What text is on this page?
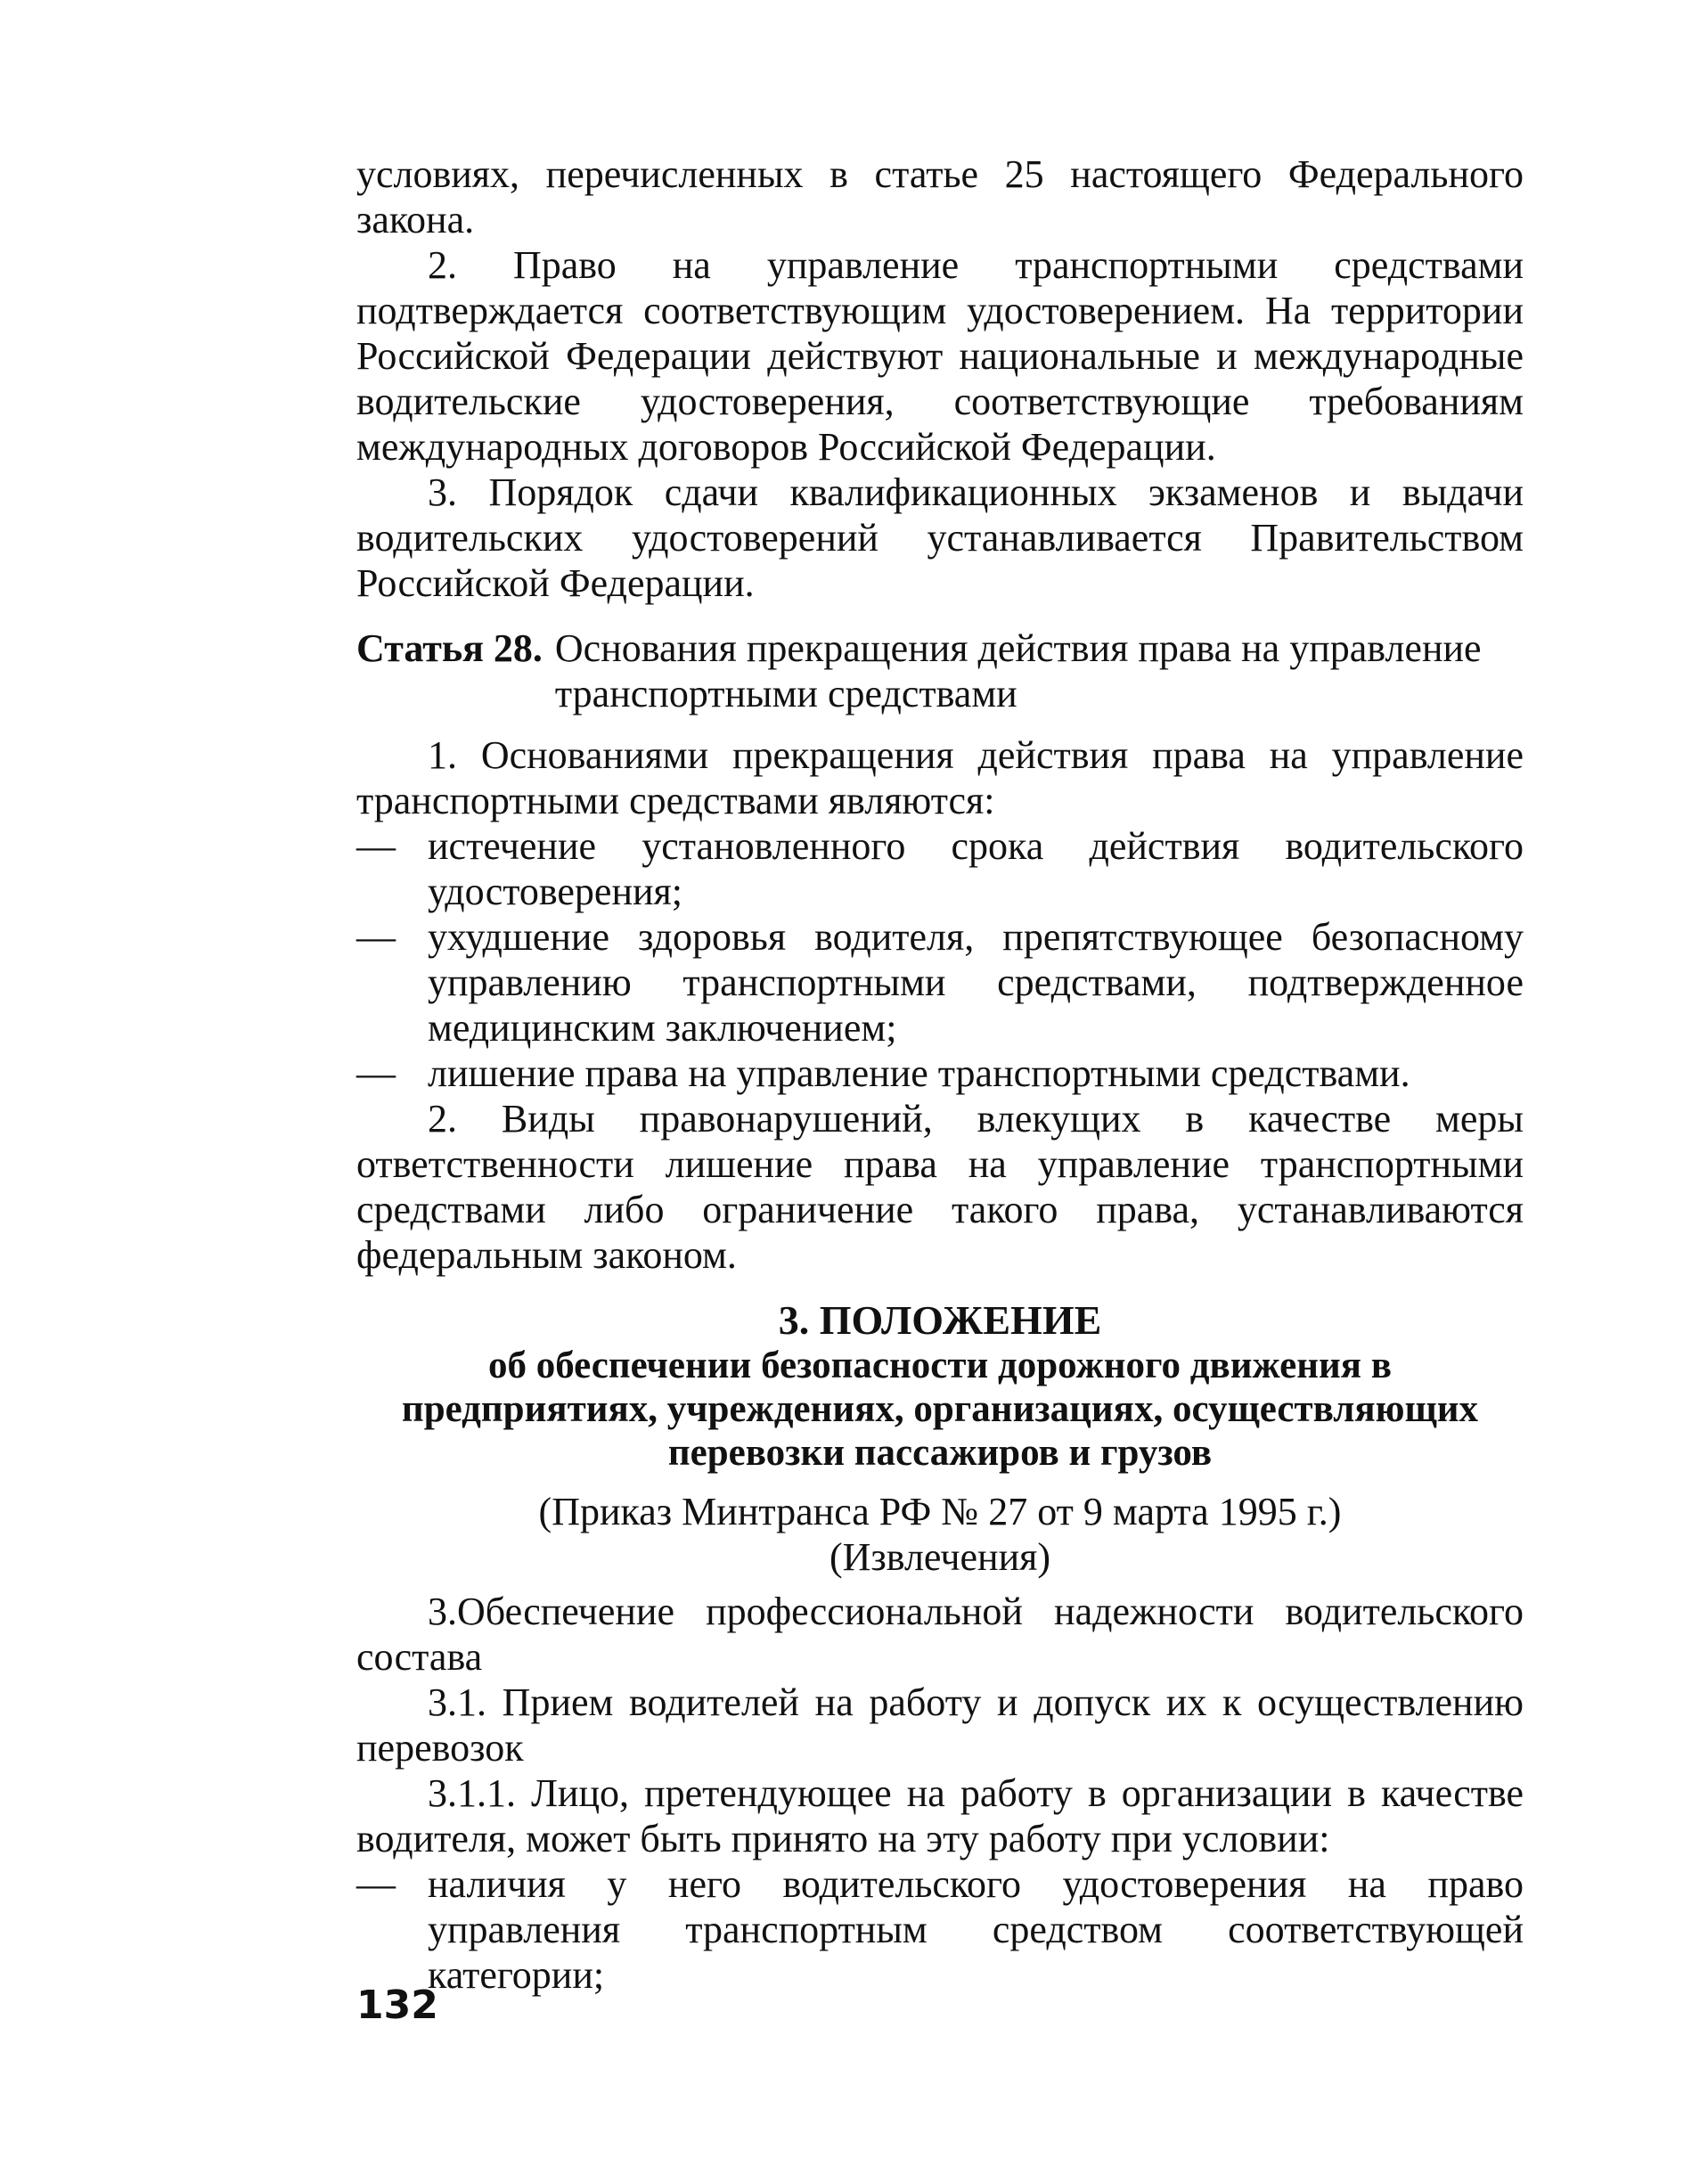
условиях, перечисленных в статье 25 настоящего Федерального закона.

2. Право на управление транспортными средствами подтверждается соответствующим удостоверением. На территории Российской Федерации действуют национальные и международные водительские удостоверения, соответствующие требованиям международных договоров Российской Федерации.

3. Порядок сдачи квалификационных экзаменов и выдачи водительских удостоверений устанавливается Правительством Российской Федерации.

Статья 28. Основания прекращения действия права на управление транспортными средствами

1. Основаниями прекращения действия права на управление транспортными средствами являются:

— истечение установленного срока действия водительского удостоверения;
— ухудшение здоровья водителя, препятствующее безопасному управлению транспортными средствами, подтвержденное медицинским заключением;
— лишение права на управление транспортными средствами.

2. Виды правонарушений, влекущих в качестве меры ответственности лишение права на управление транспортными средствами либо ограничение такого права, устанавливаются федеральным законом.

3. ПОЛОЖЕНИЕ
об обеспечении безопасности дорожного движения в предприятиях, учреждениях, организациях, осуществляющих перевозки пассажиров и грузов
(Приказ Минтранса РФ № 27 от 9 марта 1995 г.)
(Извлечения)

3.Обеспечение профессиональной надежности водительского состава

3.1. Прием водителей на работу и допуск их к осуществлению перевозок

3.1.1. Лицо, претендующее на работу в организации в качестве водителя, может быть принято на эту работу при условии:

— наличия у него водительского удостоверения на право управления транспортным средством соответствующей категории;
132
